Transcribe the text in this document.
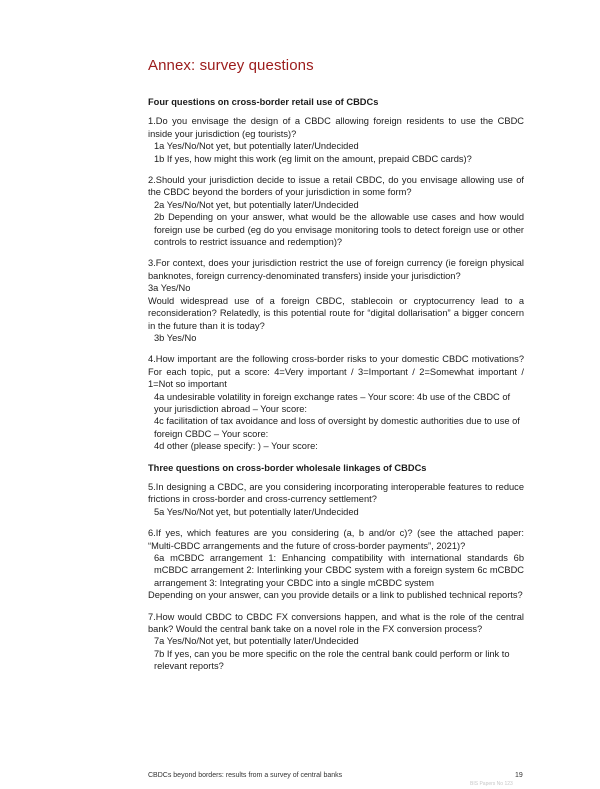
Annex: survey questions

Four questions on cross-border retail use of CBDCs

1.Do you envisage the design of a CBDC allowing foreign residents to use the CBDC inside your jurisdiction (eg tourists)?

1a Yes/No/Not yet, but potentially later/Undecided

1b If yes, how might this work (eg limit on the amount, prepaid CBDC cards)?

2.Should your jurisdiction decide to issue a retail CBDC, do you envisage allowing use of the CBDC beyond the borders of your jurisdiction in some form?

2a Yes/No/Not yet, but potentially later/Undecided

2b Depending on your answer, what would be the allowable use cases and how would foreign use be curbed (eg do you envisage monitoring tools to detect foreign use or other controls to restrict issuance and redemption)?

3.For context, does your jurisdiction restrict the use of foreign currency (ie foreign physical banknotes, foreign currency-denominated transfers) inside your jurisdiction?

3a Yes/No

Would widespread use of a foreign CBDC, stablecoin or cryptocurrency lead to a reconsideration? Relatedly, is this potential route for “digital dollarisation” a bigger concern in the future than it is today?

3b Yes/No

4.How important are the following cross-border risks to your domestic CBDC motivations? For each topic, put a score: 4=Very important / 3=Important / 2=Somewhat important / 1=Not so important

4a undesirable volatility in foreign exchange rates – Your score: 4b use of the CBDC of your jurisdiction abroad – Your score:

4c facilitation of tax avoidance and loss of oversight by domestic authorities due to use of foreign CBDC – Your score:

4d other (please specify: ) – Your score:

Three questions on cross-border wholesale linkages of CBDCs

5.In designing a CBDC, are you considering incorporating interoperable features to reduce frictions in cross-border and cross-currency settlement?

5a Yes/No/Not yet, but potentially later/Undecided

6.If yes, which features are you considering (a, b and/or c)? (see the attached paper: “Multi-CBDC arrangements and the future of cross-border payments”, 2021)?

6a mCBDC arrangement 1: Enhancing compatibility with international standards 6b mCBDC arrangement 2: Interlinking your CBDC system with a foreign system 6c mCBDC arrangement 3: Integrating your CBDC into a single mCBDC system

Depending on your answer, can you provide details or a link to published technical reports?

7.How would CBDC to CBDC FX conversions happen, and what is the role of the central bank? Would the central bank take on a novel role in the FX conversion process?

7a Yes/No/Not yet, but potentially later/Undecided

7b If yes, can you be more specific on the role the central bank could perform or link to relevant reports?

CBDCs beyond borders: results from a survey of central banks	19
BIS Papers No 123
